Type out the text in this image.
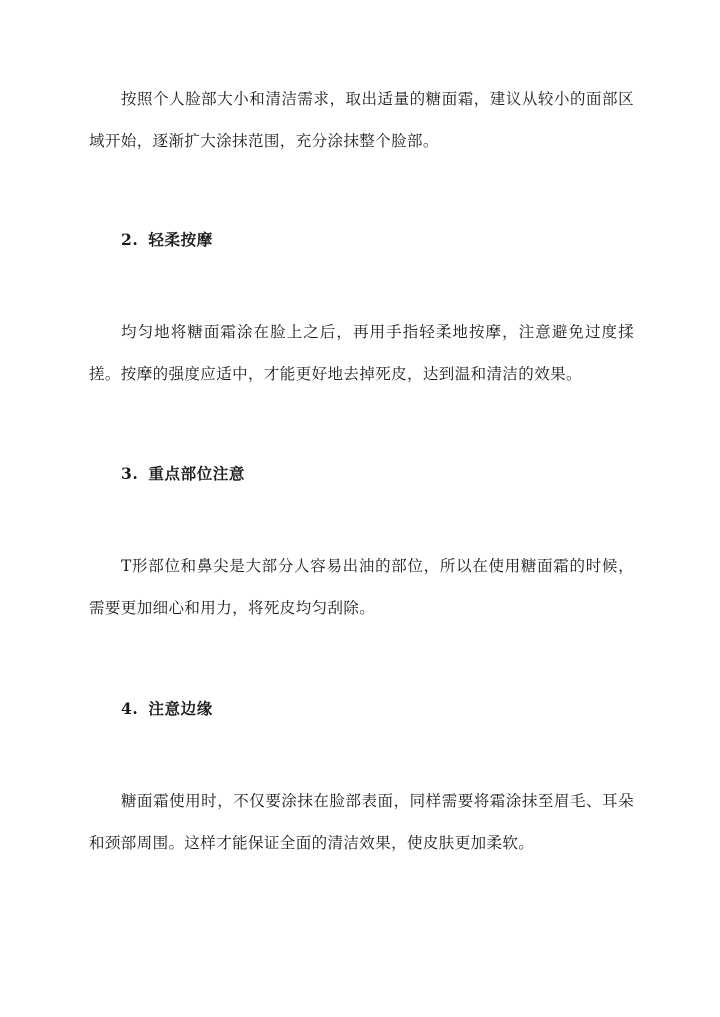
按照个人脸部大小和清洁需求，取出适量的糖面霜，建议从较小的面部区域开始，逐渐扩大涂抹范围，充分涂抹整个脸部。

2. 轻柔按摩

均匀地将糖面霜涂在脸上之后，再用手指轻柔地按摩，注意避免过度揉搓。按摩的强度应适中，才能更好地去掉死皮，达到温和清洁的效果。

3. 重点部位注意

T形部位和鼻尖是大部分人容易出油的部位，所以在使用糖面霜的时候，需要更加细心和用力，将死皮均匀刮除。

4. 注意边缘

糖面霜使用时，不仅要涂抹在脸部表面，同样需要将霜涂抹至眉毛、耳朵和颈部周围。这样才能保证全面的清洁效果，使皮肤更加柔软。
